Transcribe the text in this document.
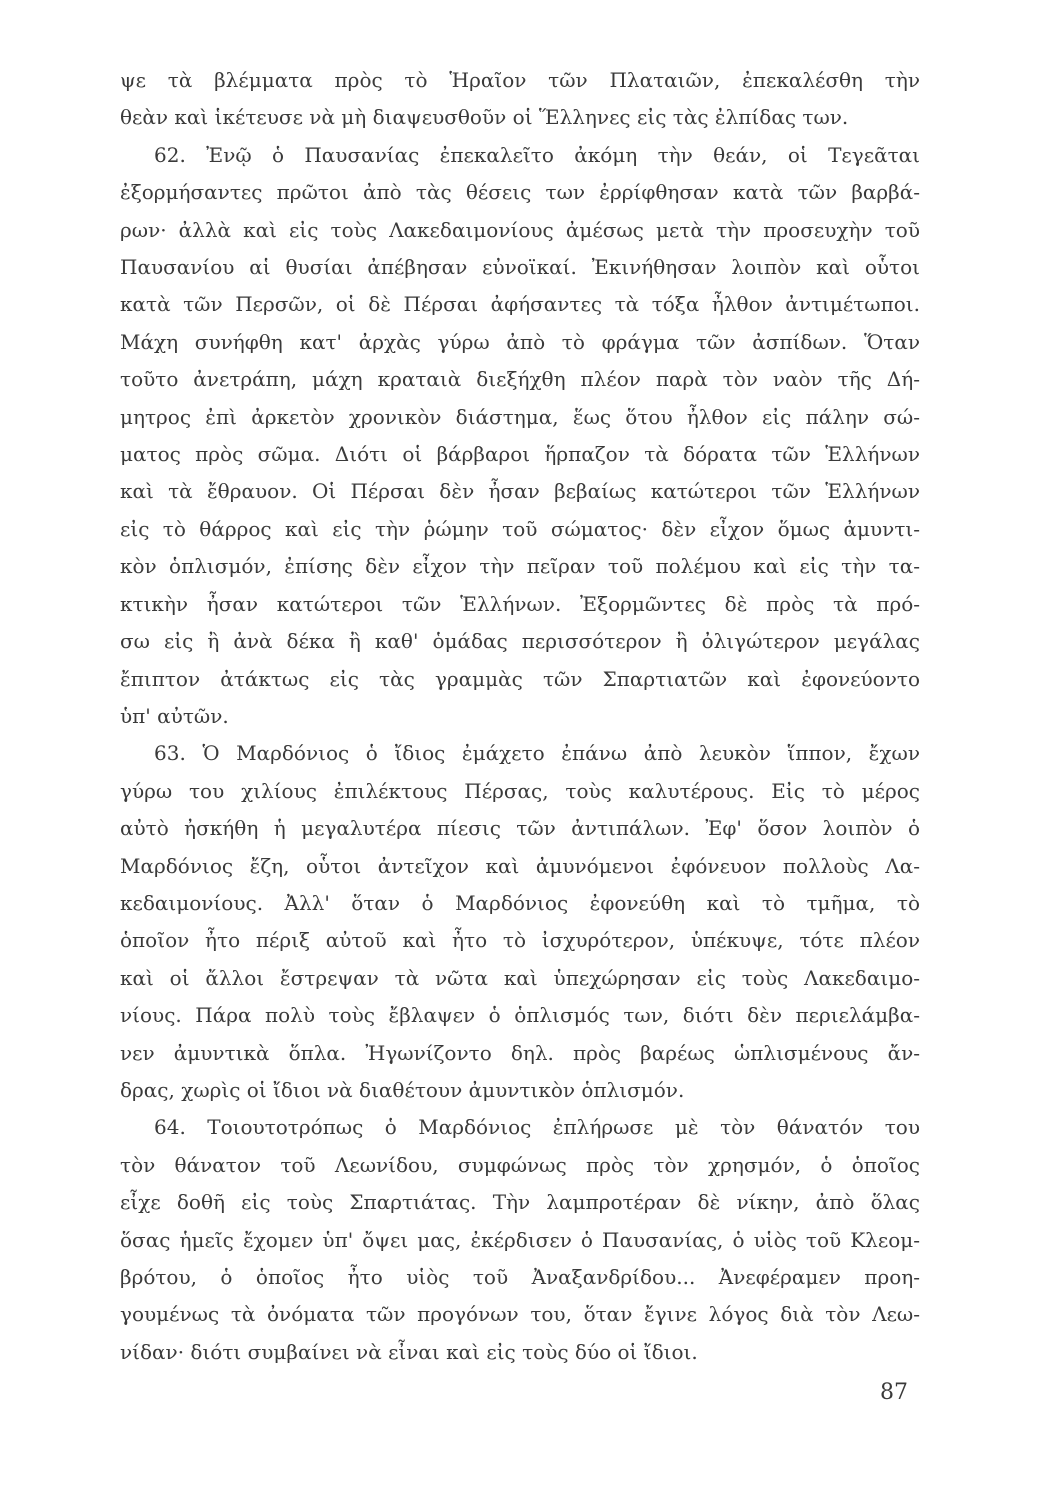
ψε τὰ βλέμματα πρὸς τὸ Ἡραῖον τῶν Πλαταιῶν, ἐπεκαλέσθη τὴν
θεὰν καὶ ἱκέτευσε νὰ μὴ διαψευσθοῦν οἱ Ἕλληνες εἰς τὰς ἐλπίδας των.

62. Ἐνῷ ὁ Παυσανίας ἐπεκαλεῖτο ἀκόμη τὴν θεάν, οἱ Τεγεᾶται
ἐξορμήσαντες πρῶτοι ἀπὸ τὰς θέσεις των ἐρρίφθησαν κατὰ τῶν βαρβά-
ρων· ἀλλὰ καὶ εἰς τοὺς Λακεδαιμονίους ἀμέσως μετὰ τὴν προσευχὴν τοῦ
Παυσανίου αἱ θυσίαι ἀπέβησαν εὐνοϊκαί. Ἐκινήθησαν λοιπὸν καὶ οὗτοι
κατὰ τῶν Περσῶν, οἱ δὲ Πέρσαι ἀφήσαντες τὰ τόξα ἦλθον ἀντιμέτωποι.
Μάχη συνήφθη κατ' ἀρχὰς γύρω ἀπὸ τὸ φράγμα τῶν ἀσπίδων. Ὅταν
τοῦτο ἀνετράπη, μάχη κραταιὰ διεξήχθη πλέον παρὰ τὸν ναὸν τῆς Δή-
μητρος ἐπὶ ἀρκετὸν χρονικὸν διάστημα, ἕως ὅτου ἦλθον εἰς πάλην σώ-
ματος πρὸς σῶμα. Διότι οἱ βάρβαροι ἥρπαζον τὰ δόρατα τῶν Ἑλλήνων
καὶ τὰ ἔθραυον. Οἱ Πέρσαι δὲν ἦσαν βεβαίως κατώτεροι τῶν Ἑλλήνων
εἰς τὸ θάρρος καὶ εἰς τὴν ῥώμην τοῦ σώματος· δὲν εἶχον ὅμως ἀμυντι-
κὸν ὁπλισμόν, ἐπίσης δὲν εἶχον τὴν πεῖραν τοῦ πολέμου καὶ εἰς τὴν τα-
κτικὴν ἦσαν κατώτεροι τῶν Ἑλλήνων. Ἐξορμῶντες δὲ πρὸς τὰ πρό-
σω εἰς ἢ ἀνὰ δέκα ἢ καθ' ὁμάδας περισσότερον ἢ ὀλιγώτερον μεγάλας
ἔπιπτον ἀτάκτως εἰς τὰς γραμμὰς τῶν Σπαρτιατῶν καὶ ἐφονεύοντο
ὑπ' αὐτῶν.

63. Ὁ Μαρδόνιος ὁ ἴδιος ἐμάχετο ἐπάνω ἀπὸ λευκὸν ἵππον, ἔχων
γύρω του χιλίους ἐπιλέκτους Πέρσας, τοὺς καλυτέρους. Εἰς τὸ μέρος
αὐτὸ ἠσκήθη ἡ μεγαλυτέρα πίεσις τῶν ἀντιπάλων. Ἐφ' ὅσον λοιπὸν ὁ
Μαρδόνιος ἔζη, οὗτοι ἀντεῖχον καὶ ἀμυνόμενοι ἐφόνευον πολλοὺς Λα-
κεδαιμονίους. Ἀλλ' ὅταν ὁ Μαρδόνιος ἐφονεύθη καὶ τὸ τμῆμα, τὸ
ὁποῖον ἦτο πέριξ αὐτοῦ καὶ ἦτο τὸ ἰσχυρότερον, ὑπέκυψε, τότε πλέον
καὶ οἱ ἄλλοι ἔστρεψαν τὰ νῶτα καὶ ὑπεχώρησαν εἰς τοὺς Λακεδαιμο-
νίους. Πάρα πολὺ τοὺς ἔβλαψεν ὁ ὁπλισμός των, διότι δὲν περιελάμβα-
νεν ἀμυντικὰ ὅπλα. Ἠγωνίζοντο δηλ. πρὸς βαρέως ὡπλισμένους ἄν-
δρας, χωρὶς οἱ ἴδιοι νὰ διαθέτουν ἀμυντικὸν ὁπλισμόν.

64. Τοιουτοτρόπως ὁ Μαρδόνιος ἐπλήρωσε μὲ τὸν θάνατόν του
τὸν θάνατον τοῦ Λεωνίδου, συμφώνως πρὸς τὸν χρησμόν, ὁ ὁποῖος
εἶχε δοθῆ εἰς τοὺς Σπαρτιάτας. Τὴν λαμπροτέραν δὲ νίκην, ἀπὸ ὅλας
ὅσας ἡμεῖς ἔχομεν ὑπ' ὄψει μας, ἐκέρδισεν ὁ Παυσανίας, ὁ υἱὸς τοῦ Κλεομ-
βρότου, ὁ ὁποῖος ἦτο υἱὸς τοῦ Ἀναξανδρίδου... Ἀνεφέραμεν προη-
γουμένως τὰ ὀνόματα τῶν προγόνων του, ὅταν ἔγινε λόγος διὰ τὸν Λεω-
νίδαν· διότι συμβαίνει νὰ εἶναι καὶ εἰς τοὺς δύο οἱ ἴδιοι.

87
